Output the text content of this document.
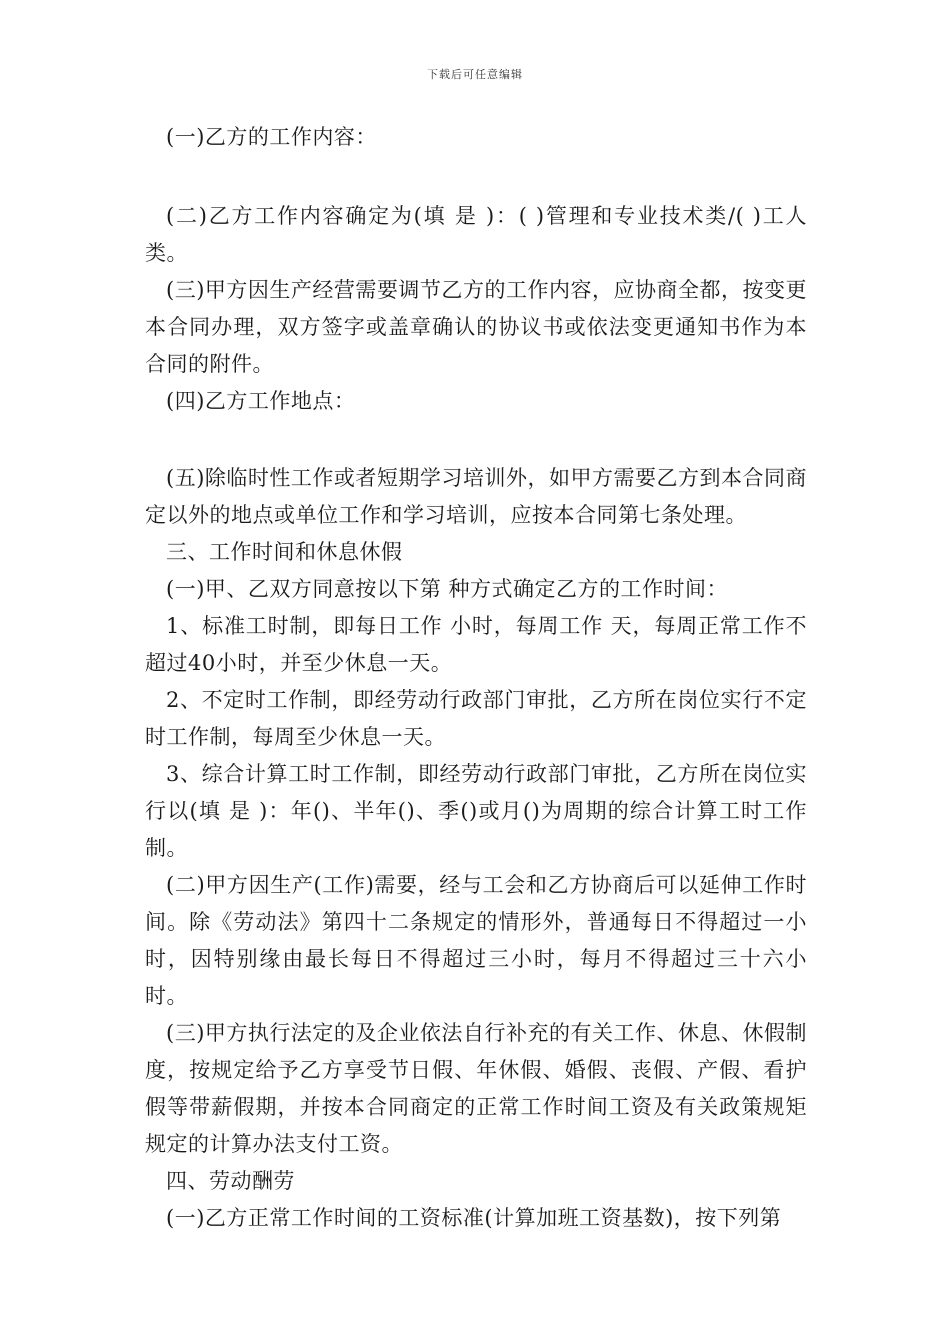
下载后可任意编辑

(一)乙方的工作内容：

(二)乙方工作内容确定为(填 是 )：( )管理和专业技术类/( )工人类。

(三)甲方因生产经营需要调节乙方的工作内容，应协商全都，按变更本合同办理，双方签字或盖章确认的协议书或依法变更通知书作为本合同的附件。

(四)乙方工作地点：

(五)除临时性工作或者短期学习培训外，如甲方需要乙方到本合同商定以外的地点或单位工作和学习培训，应按本合同第七条处理。

三、工作时间和休息休假

(一)甲、乙双方同意按以下第 种方式确定乙方的工作时间：

1、标准工时制，即每日工作 小时，每周工作 天，每周正常工作不超过40小时，并至少休息一天。

2、不定时工作制，即经劳动行政部门审批，乙方所在岗位实行不定时工作制，每周至少休息一天。

3、综合计算工时工作制，即经劳动行政部门审批，乙方所在岗位实行以(填 是 )：年()、半年()、季()或月()为周期的综合计算工时工作制。

(二)甲方因生产(工作)需要，经与工会和乙方协商后可以延伸工作时间。除《劳动法》第四十二条规定的情形外，普通每日不得超过一小时，因特别缘由最长每日不得超过三小时，每月不得超过三十六小时。

(三)甲方执行法定的及企业依法自行补充的有关工作、休息、休假制度，按规定给予乙方享受节日假、年休假、婚假、丧假、产假、看护假等带薪假期，并按本合同商定的正常工作时间工资及有关政策规矩规定的计算办法支付工资。

四、劳动酬劳

(一)乙方正常工作时间的工资标准(计算加班工资基数)，按下列第
